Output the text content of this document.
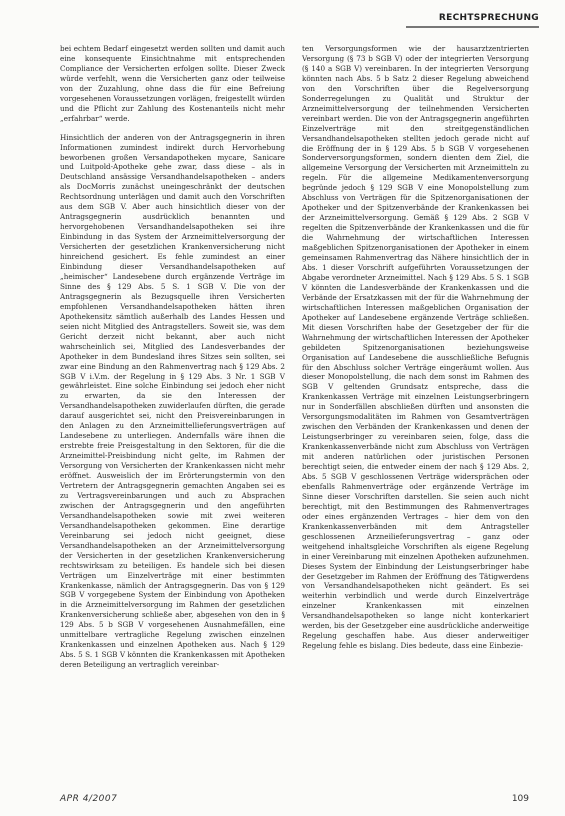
RECHTSPRECHUNG

bei echtem Bedarf eingesetzt werden sollten und damit auch eine konsequente Einsichtnahme mit entsprechenden Compliance der Versicherten erfolgen sollte. Dieser Zweck würde verfehlt, wenn die Versicherten ganz oder teilweise von der Zuzahlung, ohne dass die für eine Befreiung vorgesehenen Voraussetzungen vorlägen, freigestellt würden und die Pflicht zur Zahlung des Kostenanteils nicht mehr „erfahrbar“ werde.

Hinsichtlich der anderen von der Antragsgegnerin in ihren Informationen zumindest indirekt durch Hervorhebung beworbenen großen Versandapotheken mycare, Sanicare und Luitpold-Apotheke gehe zwar, dass diese – als in Deutschland ansässige Versandhandelsapotheken – anders als DocMorris zunächst uneingeschränkt der deutschen Rechtsordnung unterlägen und damit auch den Vorschriften aus dem SGB V. Aber auch hinsichtlich dieser von der Antragsgegnerin ausdrücklich benannten und hervorgehobenen Versandhandelsapotheken sei ihre Einbindung in das System der Arzneimittelversorgung der Versicherten der gesetzlichen Krankenversicherung nicht hinreichend gesichert. Es fehle zumindest an einer Einbindung dieser Versandhandelsapotheken auf „heimischer“ Landesebene durch ergänzende Verträge im Sinne des § 129 Abs. 5 S. 1 SGB V. Die von der Antragsgegnerin als Bezugsquelle ihren Versicherten empfohlenen Versandhandelsapotheken hätten ihren Apothekensitz sämtlich außerhalb des Landes Hessen und seien nicht Mitglied des Antragstellers. Soweit sie, was dem Gericht derzeit nicht bekannt, aber auch nicht wahrscheinlich sei, Mitglied des Landesverbandes der Apotheker in dem Bundesland ihres Sitzes sein sollten, sei zwar eine Bindung an den Rahmenvertrag nach § 129 Abs. 2 SGB V i.V.m. der Regelung in § 129 Abs. 3 Nr. 1 SGB V gewährleistet. Eine solche Einbindung sei jedoch eher nicht zu erwarten, da sie den Interessen der Versandhandelsapotheken zuwiderlaufen dürften, die gerade darauf ausgerichtet sei, nicht den Preisvereinbarungen in den Anlagen zu den Arzneimittellieferungsverträgen auf Landesebene zu unterliegen. Andernfalls wäre ihnen die erstrebte freie Preisgestaltung in den Sektoren, für die die Arzneimittel-Preisbindung nicht gelte, im Rahmen der Versorgung von Versicherten der Krankenkassen nicht mehr eröffnet. Ausweislich der im Erörterungstermin von den Vertretern der Antragsgegnerin gemachten Angaben sei es zu Vertragsvereinbarungen und auch zu Absprachen zwischen der Antragsgegnerin und den angeführten Versandhandelsapotheken sowie mit zwei weiteren Versandhandelsapotheken gekommen. Eine derartige Vereinbarung sei jedoch nicht geeignet, diese Versandhandelsapotheken an der Arzneimittelversorgung der Versicherten in der gesetzlichen Krankenversicherung rechtswirksam zu beteiligen. Es handele sich bei diesen Verträgen um Einzelverträge mit einer bestimmten Krankenkasse, nämlich der Antragsgegnerin. Das von § 129 SGB V vorgegebene System der Einbindung von Apotheken in die Arzneimittelversorgung im Rahmen der gesetzlichen Krankenversicherung schließe aber, abgesehen von den in § 129 Abs. 5 b SGB V vorgesehenen Ausnahmefällen, eine unmittelbare vertragliche Regelung zwischen einzelnen Krankenkassen und einzelnen Apotheken aus. Nach § 129 Abs. 5 S. 1 SGB V könnten die Krankenkassen mit Apotheken deren Beteiligung an vertraglich vereinbar-

ten Versorgungsformen wie der hausarztzentrierten Versorgung (§ 73 b SGB V) oder der integrierten Versorgung (§ 140 a SGB V) vereinbaren. In der integrierten Versorgung könnten nach Abs. 5 b Satz 2 dieser Regelung abweichend von den Vorschriften über die Regelversorgung Sonderregelungen zu Qualität und Struktur der Arzneimittelversorgung der teilnehmenden Versicherten vereinbart werden. Die von der Antragsgegnerin angeführten Einzelverträge mit den streitgegenständlichen Versandhandelsapotheken stellten jedoch gerade nicht auf die Eröffnung der in § 129 Abs. 5 b SGB V vorgesehenen Sonderversorgungsformen, sondern dienten dem Ziel, die allgemeine Versorgung der Versicherten mit Arzneimitteln zu regeln. Für die allgemeine Medikamentenversorgung begründe jedoch § 129 SGB V eine Monopolstellung zum Abschluss von Verträgen für die Spitzenorganisationen der Apotheker und der Spitzenverbände der Krankenkassen bei der Arzneimittelversorgung. Gemäß § 129 Abs. 2 SGB V regelten die Spitzenverbände der Krankenkassen und die für die Wahrnehmung der wirtschaftlichen Interessen maßgeblichen Spitzenorganisationen der Apotheker in einem gemeinsamen Rahmenvertrag das Nähere hinsichtlich der in Abs. 1 dieser Vorschrift aufgeführten Voraussetzungen der Abgabe verordneter Arzneimittel. Nach § 129 Abs. 5 S. 1 SGB V könnten die Landesverbände der Krankenkassen und die Verbände der Ersatzkassen mit der für die Wahrnehmung der wirtschaftlichen Interessen maßgeblichen Organisation der Apotheker auf Landesebene ergänzende Verträge schließen. Mit diesen Vorschriften habe der Gesetzgeber der für die Wahrnehmung der wirtschaftlichen Interessen der Apotheker gebildeten Spitzenorganisationen beziehungsweise Organisation auf Landesebene die ausschließliche Befugnis für den Abschluss solcher Verträge eingeräumt wollen. Aus dieser Monopolstellung, die nach dem sonst im Rahmen des SGB V geltenden Grundsatz entspreche, dass die Krankenkassen Verträge mit einzelnen Leistungserbringern nur in Sonderfällen abschließen dürften und ansonsten die Versorgungsmodalitäten im Rahmen von Gesamtverträgen zwischen den Verbänden der Krankenkassen und denen der Leistungserbringer zu vereinbaren seien, folge, dass die Krankenkassenverbände nicht zum Abschluss von Verträgen mit anderen natürlichen oder juristischen Personen berechtigt seien, die entweder einem der nach § 129 Abs. 2, Abs. 5 SGB V geschlossenen Verträge widersprächen oder ebenfalls Rahmenverträge oder ergänzende Verträge im Sinne dieser Vorschriften darstellen. Sie seien auch nicht berechtigt, mit den Bestimmungen des Rahmenvertrages oder eines ergänzenden Vertrages – hier dem von den Krankenkassenverbänden mit dem Antragsteller geschlossenen Arzneilieferungsvertrag – ganz oder weitgehend inhaltsgleiche Vorschriften als eigene Regelung in einer Vereinbarung mit einzelnen Apotheken aufzunehmen. Dieses System der Einbindung der Leistungserbringer habe der Gesetzgeber im Rahmen der Eröffnung des Tätigwerdens von Versandhandelsapotheken nicht geändert. Es sei weiterhin verbindlich und werde durch Einzelverträge einzelner Krankenkassen mit einzelnen Versandhandelsapotheken so lange nicht konterkariert werden, bis der Gesetzgeber eine ausdrückliche anderweitige Regelung geschaffen habe. Aus dieser anderweitiger Regelung fehle es bislang. Dies bedeute, dass eine Einbezie-

APR 4/2007	109
